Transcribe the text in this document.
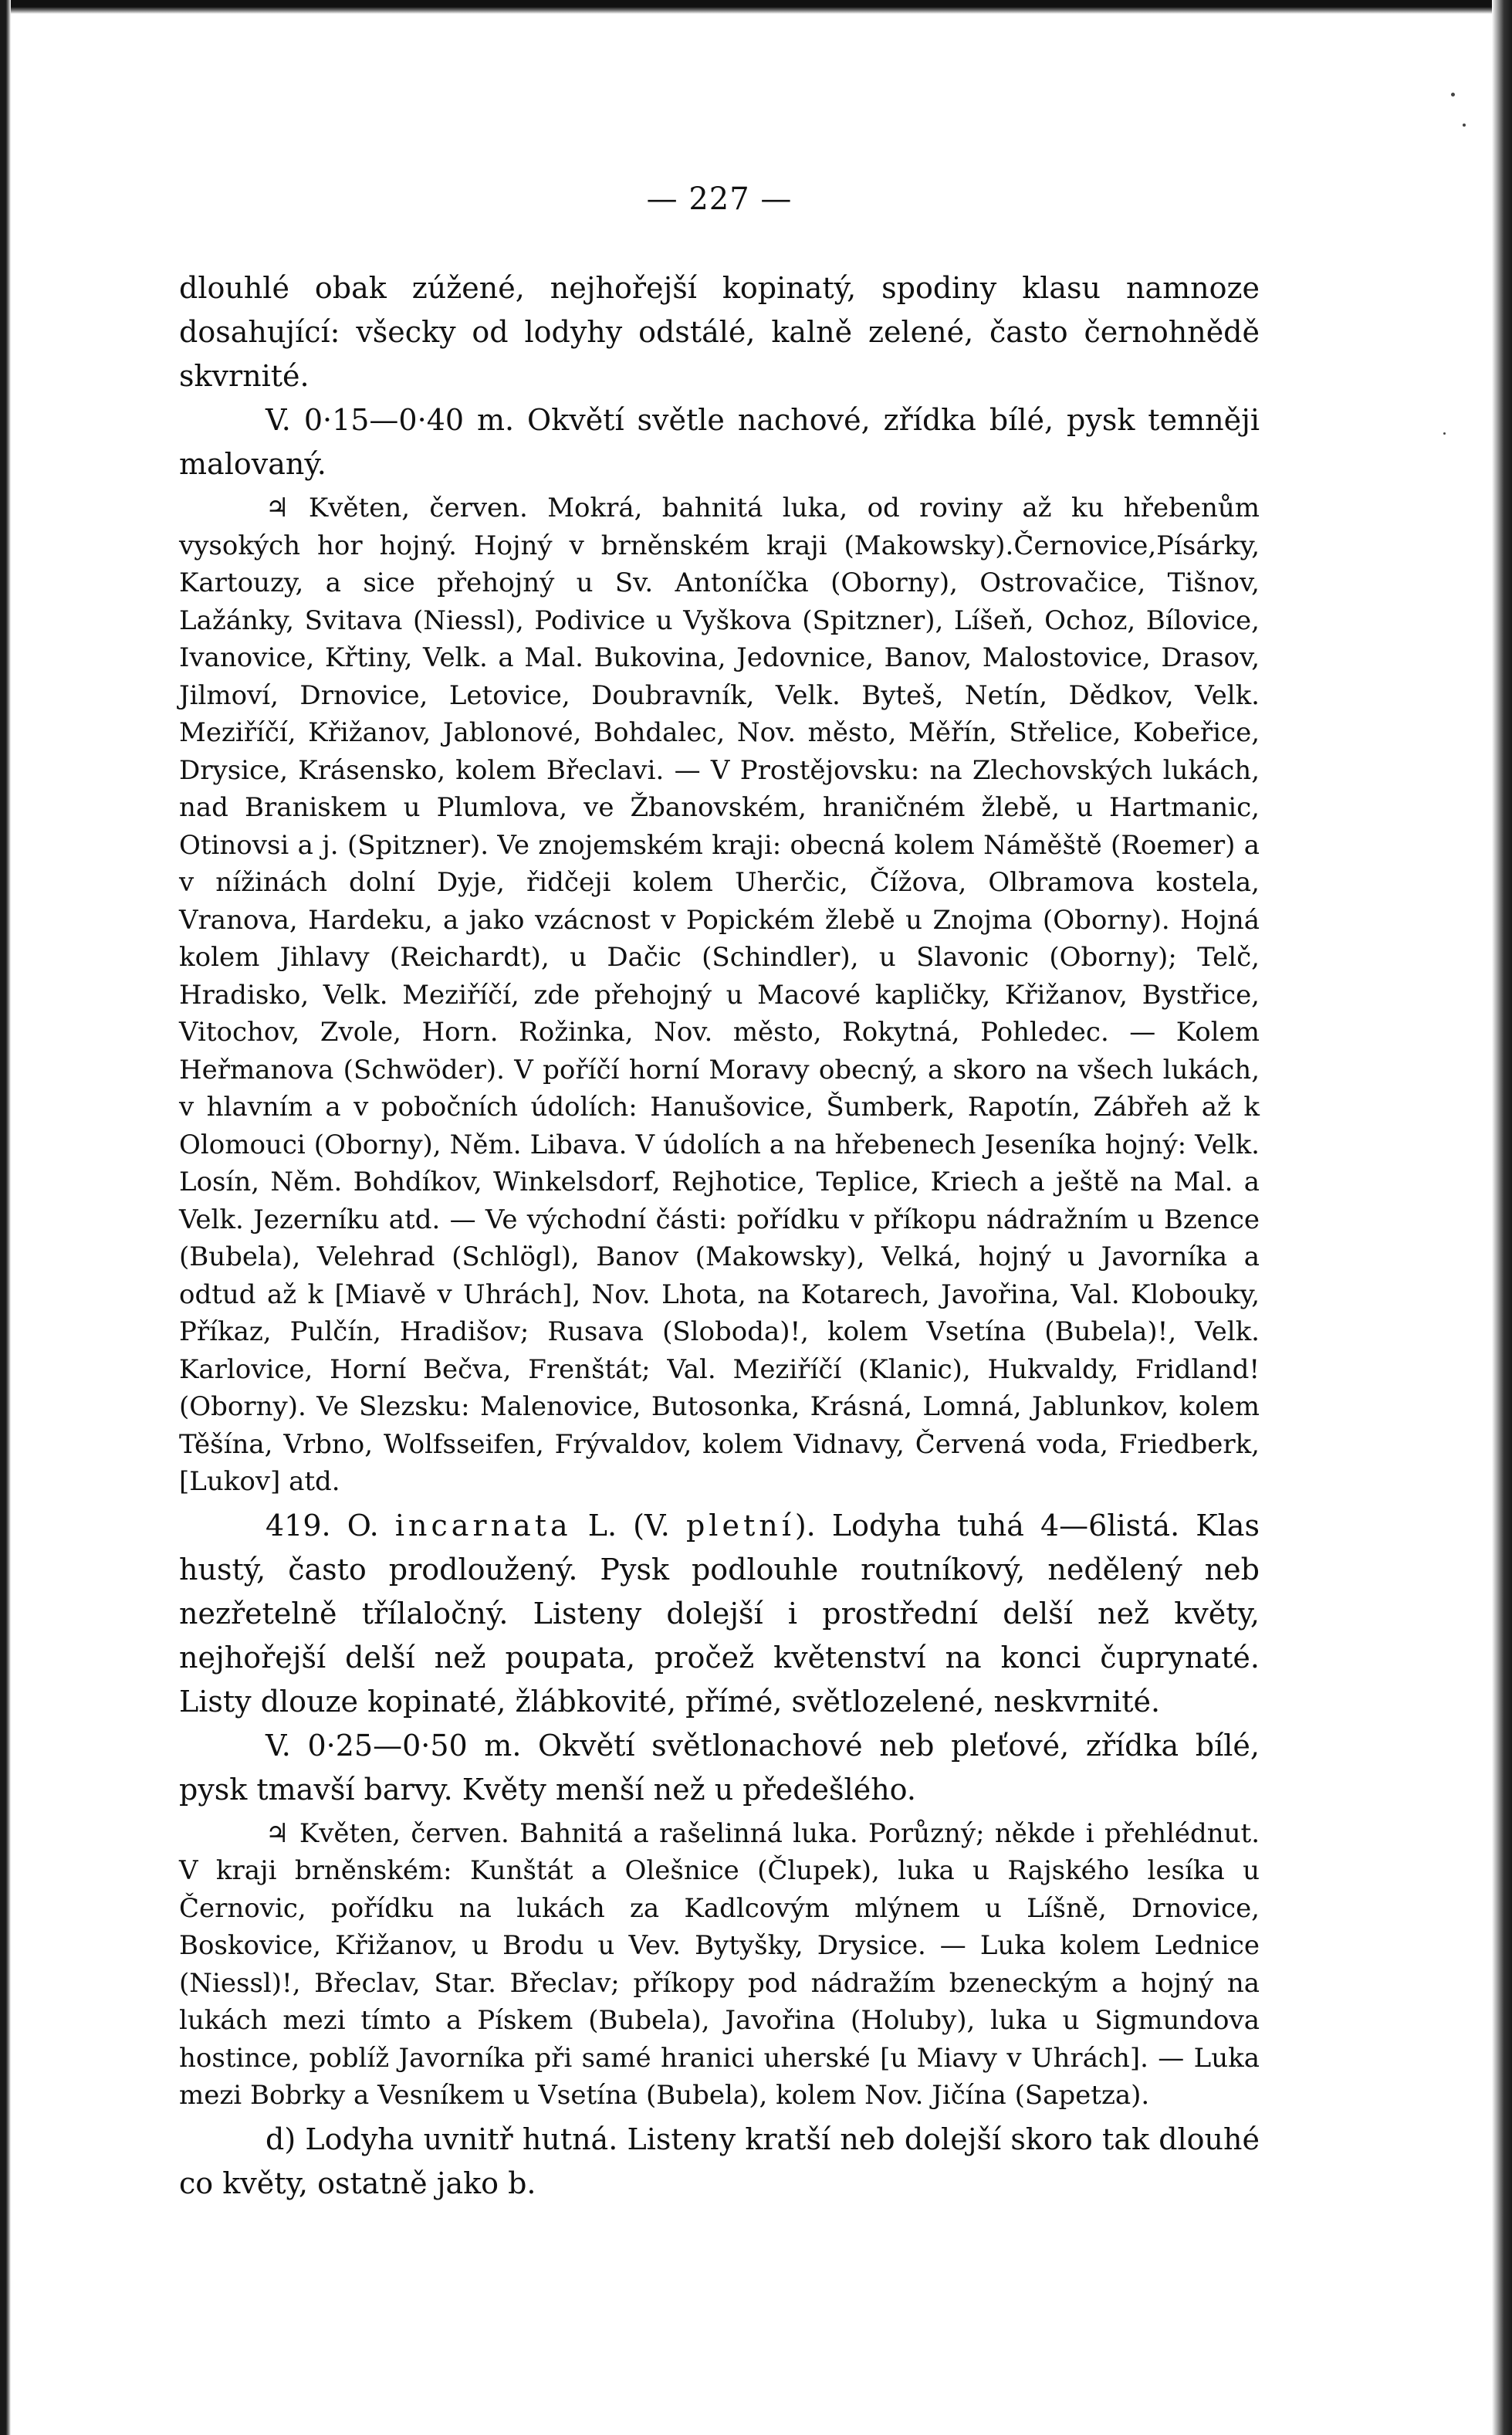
— 227 —

dlouhlé obak zúžené, nejhořejší kopinatý, spodiny klasu namnoze dosahující: všecky od lodyhy odstálé, kalně zelené, často černohnědě skvrnité.

V. 0·15—0·40 m. Okvětí světle nachové, zřídka bílé, pysk temněji malovaný.

♃ Květen, červen. Mokrá, bahnitá luka, od roviny až ku hřebenům vysokých hor hojný. Hojný v brněnském kraji (Makowsky).Černovice,Písárky, Kartouzy, a sice přehojný u Sv. Antoníčka (Oborny), Ostrovačice, Tišnov, Lažánky, Svitava (Niessl), Podivice u Vyškova (Spitzner), Líšeň, Ochoz, Bílovice, Ivanovice, Křtiny, Velk. a Mal. Bukovina, Jedovnice, Banov, Malostovice, Drasov, Jilmoví, Drnovice, Letovice, Doubravník, Velk. Byteš, Netín, Dědkov, Velk. Meziříčí, Křižanov, Jablonové, Bohdalec, Nov. město, Měřín, Střelice, Kobeřice, Drysice, Krásensko, kolem Břeclavi. — V Prostějovsku: na Zlechovských lukách, nad Braniskem u Plumlova, ve Žbanovském, hraničném žlebě, u Hartmanic, Otinovsi a j. (Spitzner). Ve znojemském kraji: obecná kolem Náměště (Roemer) a v nížinách dolní Dyje, řidčeji kolem Uherčic, Čížova, Olbramova kostela, Vranova, Hardeku, a jako vzácnost v Popickém žlebě u Znojma (Oborny). Hojná kolem Jihlavy (Reichardt), u Dačic (Schindler), u Slavonic (Oborny); Telč, Hradisko, Velk. Meziříčí, zde přehojný u Macové kapličky, Křižanov, Bystřice, Vitochov, Zvole, Horn. Rožinka, Nov. město, Rokytná, Pohledec. — Kolem Heřmanova (Schwöder). V poříčí horní Moravy obecný, a skoro na všech lukách, v hlavním a v pobočních údolích: Hanušovice, Šumberk, Rapotín, Zábřeh až k Olomouci (Oborny), Něm. Libava. V údolích a na hřebenech Jeseníka hojný: Velk. Losín, Něm. Bohdíkov, Winkelsdorf, Rejhotice, Teplice, Kriech a ještě na Mal. a Velk. Jezerníku atd. — Ve východní části: pořídku v příkopu nádražním u Bzence (Bubela), Velehrad (Schlögl), Banov (Makowsky), Velká, hojný u Javorníka a odtud až k [Miavě v Uhrách], Nov. Lhota, na Kotarech, Javořina, Val. Klobouky, Příkaz, Pulčín, Hradišov; Rusava (Sloboda)!, kolem Vsetína (Bubela)!, Velk. Karlovice, Horní Bečva, Frenštát; Val. Meziříčí (Klanic), Hukvaldy, Fridland! (Oborny). Ve Slezsku: Malenovice, Butosonka, Krásná, Lomná, Jablunkov, kolem Těšína, Vrbno, Wolfsseifen, Frývaldov, kolem Vidnavy, Červená voda, Friedberk, [Lukov] atd.

419. O. incarnata L. (V. pletní). Lodyha tuhá 4—6listá. Klas hustý, často prodloužený. Pysk podlouhle routníkový, nedělený neb nezřetelně třílaločný. Listeny dolejší i prostřední delší než květy, nejhořejší delší než poupata, pročež květenství na konci čuprynaté. Listy dlouze kopinaté, žlábkovité, přímé, světlozelené, neskvrnité.

V. 0·25—0·50 m. Okvětí světlonachové neb pleťové, zřídka bílé, pysk tmavší barvy. Květy menší než u předešlého.

♃ Květen, červen. Bahnitá a rašelinná luka. Porůzný; někde i přehlédnut. V kraji brněnském: Kunštát a Olešnice (Člupek), luka u Rajského lesíka u Černovic, pořídku na lukách za Kadlcovým mlýnem u Líšně, Drnovice, Boskovice, Křižanov, u Brodu u Vev. Bytyšky, Drysice. — Luka kolem Lednice (Niessl)!, Břeclav, Star. Břeclav; příkopy pod nádražím bzeneckým a hojný na lukách mezi tímto a Pískem (Bubela), Javořina (Holuby), luka u Sigmundova hostince, poblíž Javorníka při samé hranici uherské [u Miavy v Uhrách]. — Luka mezi Bobrky a Vesníkem u Vsetína (Bubela), kolem Nov. Jičína (Sapetza).

d) Lodyha uvnitř hutná. Listeny kratší neb dolejší skoro tak dlouhé co květy, ostatně jako b.
